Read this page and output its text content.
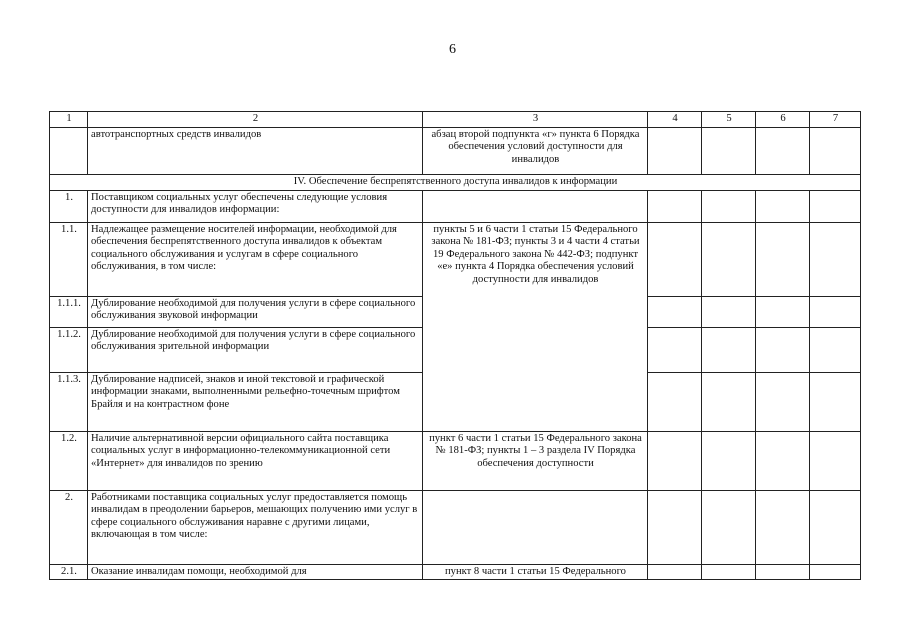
6
1	2	3	4	5	6	7
	автотранспортных средств инвалидов	абзац второй подпункта «г» пункта 6 Порядка обеспечения условий доступности для инвалидов				
IV. Обеспечение беспрепятственного доступа инвалидов к информации						
1.	Поставщиком социальных услуг обеспечены следующие условия доступности для инвалидов информации:					
1.1.	Надлежащее размещение носителей информации, необходимой для обеспечения беспрепятственного доступа инвалидов к объектам социального обслуживания и услугам в сфере социального обслуживания, в том числе:	пункты 5 и 6 части 1 статьи 15 Федерального закона № 181-ФЗ; пункты 3 и 4 части 4 статьи 19 Федерального закона № 442-ФЗ; подпункт «е» пункта 4 Порядка обеспечения условий доступности для инвалидов				
1.1.1.	Дублирование необходимой для получения услуги в сфере социального обслуживания звуковой информации					
1.1.2.	Дублирование необходимой для получения услуги в сфере социального обслуживания зрительной информации					
1.1.3.	Дублирование надписей, знаков и иной текстовой и графической информации знаками, выполненными рельефно-точечным шрифтом Брайля и на контрастном фоне					
1.2.	Наличие альтернативной версии официального сайта поставщика социальных услуг в информационно-телекоммуникационной сети «Интернет» для инвалидов по зрению	пункт 6 части 1 статьи 15 Федерального закона № 181-ФЗ; пункты 1 – 3 раздела IV Порядка обеспечения доступности				
2.	Работниками поставщика социальных услуг предоставляется помощь инвалидам в преодолении барьеров, мешающих получению ими услуг в сфере социального обслуживания наравне с другими лицами, включающая в том числе:					
2.1.	Оказание инвалидам помощи, необходимой для	пункт 8 части 1 статьи 15 Федерального				
